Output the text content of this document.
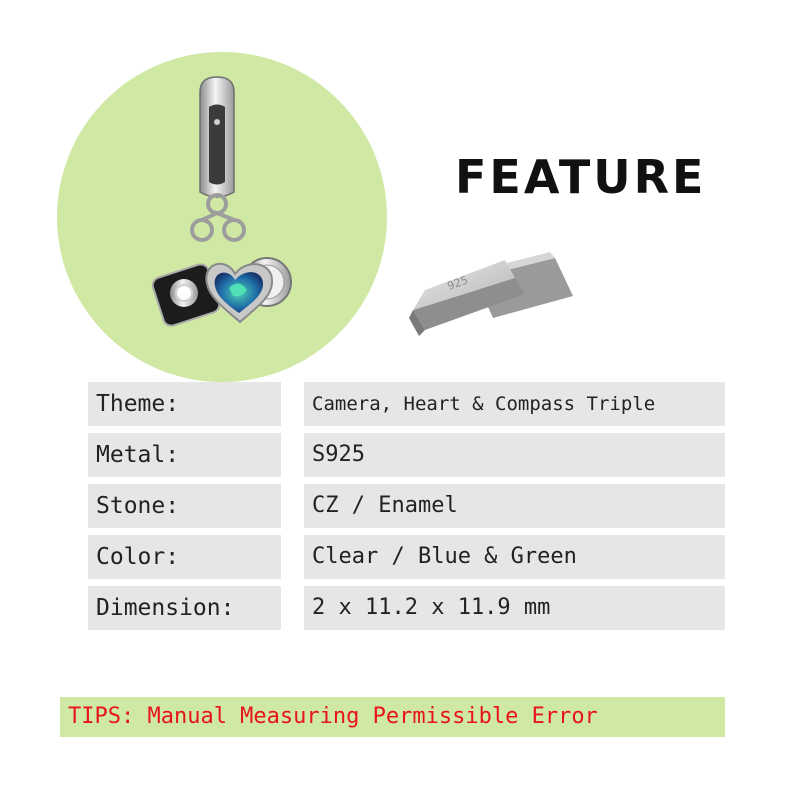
FEATURE
925
Theme:	Camera, Heart & Compass Triple
Metal:	S925
Stone:	CZ / Enamel
Color:	Clear / Blue & Green
Dimension:	2 x 11.2 x 11.9 mm
TIPS: Manual Measuring Permissible Error
